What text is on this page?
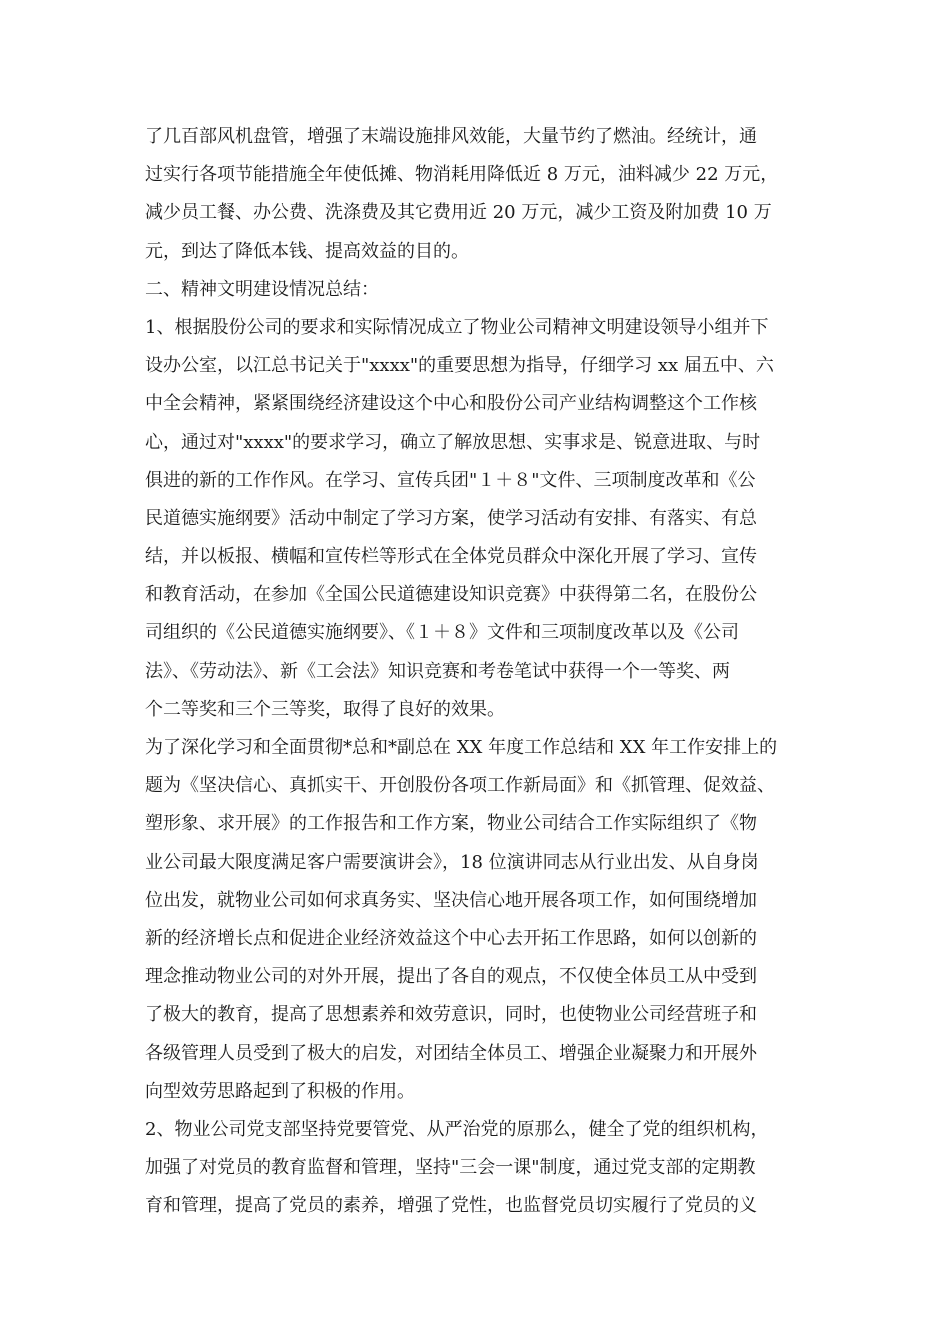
了几百部风机盘管，增强了末端设施排风效能，大量节约了燃油。经统计，通
过实行各项节能措施全年使低摊、物消耗用降低近 8 万元，油料减少 22 万元，
减少员工餐、办公费、洗涤费及其它费用近 20 万元，减少工资及附加费 10 万
元，到达了降低本钱、提高效益的目的。
二、精神文明建设情况总结：
1、根据股份公司的要求和实际情况成立了物业公司精神文明建设领导小组并下
设办公室，以江总书记关于"xxxx"的重要思想为指导，仔细学习 xx 届五中、六
中全会精神，紧紧围绕经济建设这个中心和股份公司产业结构调整这个工作核
心，通过对"xxxx"的要求学习，确立了解放思想、实事求是、锐意进取、与时
俱进的新的工作作风。在学习、宣传兵团"１＋８"文件、三项制度改革和《公
民道德实施纲要》活动中制定了学习方案，使学习活动有安排、有落实、有总
结，并以板报、横幅和宣传栏等形式在全体党员群众中深化开展了学习、宣传
和教育活动，在参加《全国公民道德建设知识竞赛》中获得第二名，在股份公
司组织的《公民道德实施纲要》、《１＋８》文件和三项制度改革以及《公司
法》、《劳动法》、新《工会法》知识竞赛和考卷笔试中获得一个一等奖、两
个二等奖和三个三等奖，取得了良好的效果。
为了深化学习和全面贯彻*总和*副总在 XX 年度工作总结和 XX 年工作安排上的
题为《坚决信心、真抓实干、开创股份各项工作新局面》和《抓管理、促效益、
塑形象、求开展》的工作报告和工作方案，物业公司结合工作实际组织了《物
业公司最大限度满足客户需要演讲会》，18 位演讲同志从行业出发、从自身岗
位出发，就物业公司如何求真务实、坚决信心地开展各项工作，如何围绕增加
新的经济增长点和促进企业经济效益这个中心去开拓工作思路，如何以创新的
理念推动物业公司的对外开展，提出了各自的观点，不仅使全体员工从中受到
了极大的教育，提高了思想素养和效劳意识，同时，也使物业公司经营班子和
各级管理人员受到了极大的启发，对团结全体员工、增强企业凝聚力和开展外
向型效劳思路起到了积极的作用。
2、物业公司党支部坚持党要管党、从严治党的原那么，健全了党的组织机构，
加强了对党员的教育监督和管理，坚持"三会一课"制度，通过党支部的定期教
育和管理，提高了党员的素养，增强了党性，也监督党员切实履行了党员的义
